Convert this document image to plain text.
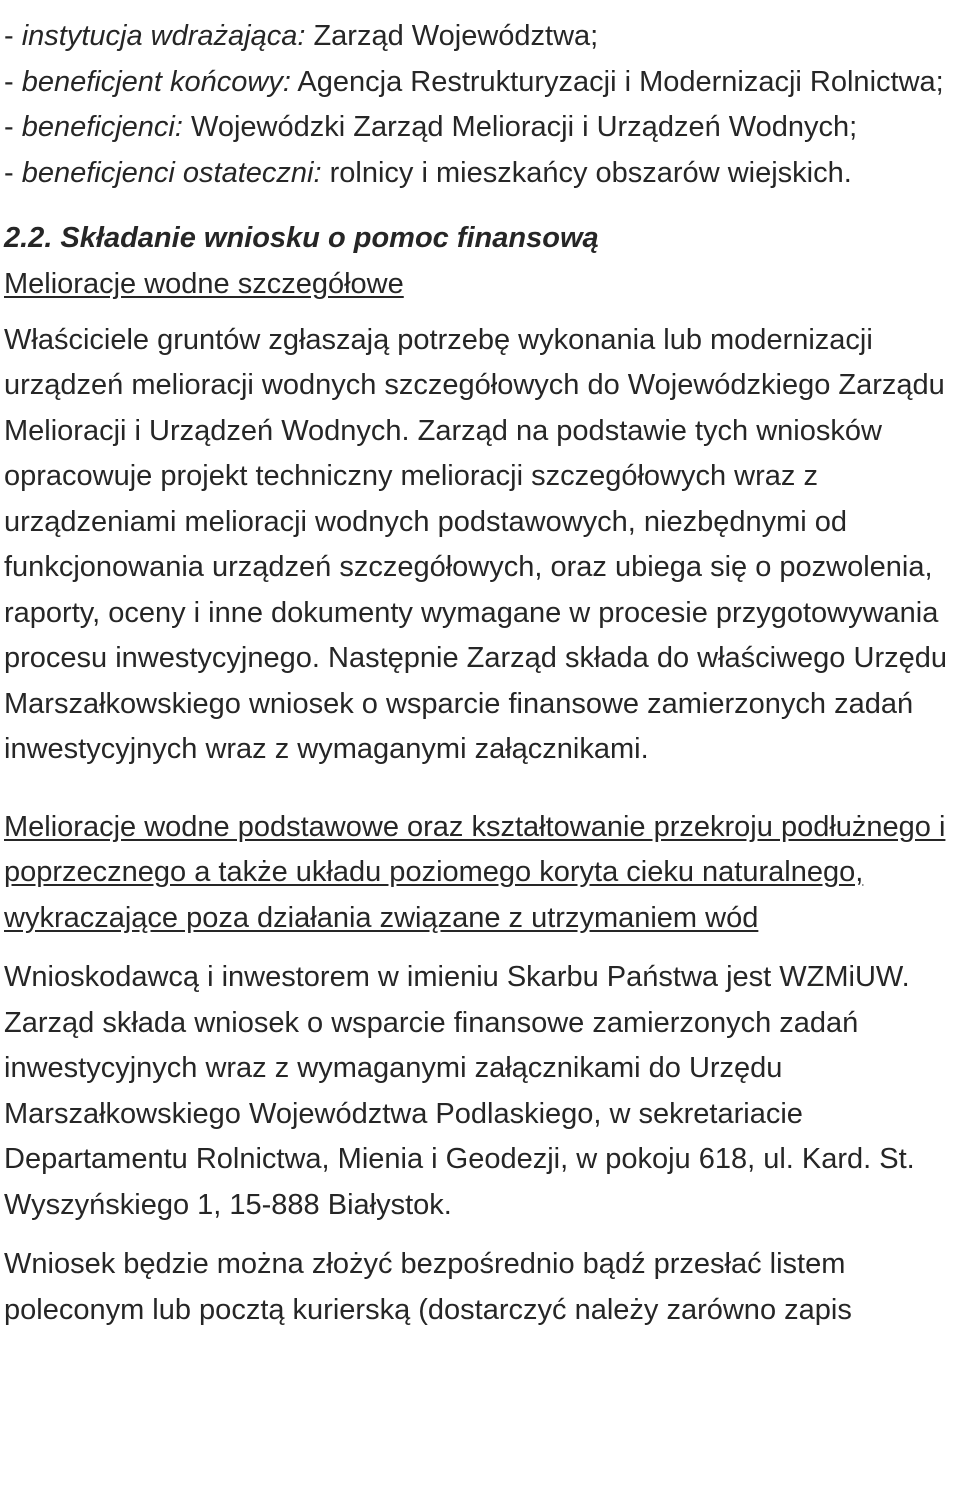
- instytucja wdrażająca: Zarząd Województwa;
- beneficjent końcowy: Agencja Restrukturyzacji i Modernizacji Rolnictwa;
- beneficjenci: Wojewódzki Zarząd Melioracji i Urządzeń Wodnych;
- beneficjenci ostateczni: rolnicy i mieszkańcy obszarów wiejskich.
2.2. Składanie wniosku o pomoc finansową

Melioracje wodne szczegółowe

Właściciele gruntów zgłaszają potrzebę wykonania lub modernizacji urządzeń melioracji wodnych szczegółowych do Wojewódzkiego Zarządu Melioracji i Urządzeń Wodnych. Zarząd na podstawie tych wniosków opracowuje projekt techniczny melioracji szczegółowych wraz z urządzeniami melioracji wodnych podstawowych, niezbędnymi od funkcjonowania urządzeń szczegółowych, oraz ubiega się o pozwolenia, raporty, oceny i inne dokumenty wymagane w procesie przygotowywania procesu inwestycyjnego. Następnie Zarząd składa do właściwego Urzędu Marszałkowskiego wniosek o wsparcie finansowe zamierzonych zadań inwestycyjnych wraz z wymaganymi załącznikami.

Melioracje wodne podstawowe oraz kształtowanie przekroju podłużnego i poprzecznego a także układu poziomego koryta cieku naturalnego, wykraczające poza działania związane z utrzymaniem wód

Wnioskodawcą i inwestorem w imieniu Skarbu Państwa jest WZMiUW. Zarząd składa wniosek o wsparcie finansowe zamierzonych zadań inwestycyjnych wraz z wymaganymi załącznikami do Urzędu Marszałkowskiego Województwa Podlaskiego, w sekretariacie Departamentu Rolnictwa, Mienia i Geodezji, w pokoju 618, ul. Kard. St. Wyszyńskiego 1, 15-888 Białystok.

Wniosek będzie można złożyć bezpośrednio bądź przesłać listem poleconym lub pocztą kurierską (dostarczyć należy zarówno zapis
